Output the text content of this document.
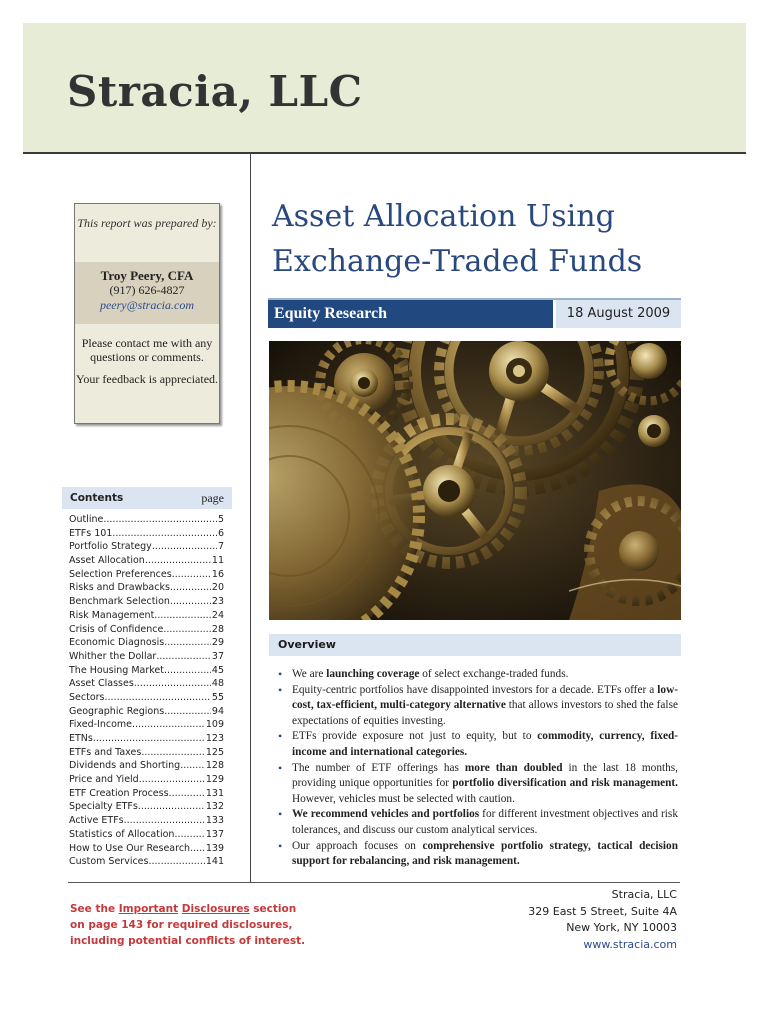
Stracia, LLC
This report was prepared by:
Troy Peery, CFA
(917) 626-4827
peery@stracia.com

Please contact me with any questions or comments.

Your feedback is appreciated.

Contents	page
Outline .....	5
ETFs 101 .....	6
Portfolio Strategy .....	7
Asset Allocation .....	11
Selection Preferences .....	16
Risks and Drawbacks .....	20
Benchmark Selection .....	23
Risk Management .....	24
Crisis of Confidence .....	28
Economic Diagnosis .....	29
Whither the Dollar .....	37
The Housing Market .....	45
Asset Classes .....	48
Sectors .....	55
Geographic Regions .....	94
Fixed-Income .....	109
ETNs .....	123
ETFs and Taxes .....	125
Dividends and Shorting .....	128
Price and Yield .....	129
ETF Creation Process .....	131
Specialty ETFs .....	132
Active ETFs .....	133
Statistics of Allocation .....	137
How to Use Our Research ..... 139
Custom Services .....	141
Asset Allocation Using
Exchange-Traded Funds
Equity Research	18 August 2009
Overview
• We are launching coverage of select exchange-traded funds.
• Equity-centric portfolios have disappointed investors for a decade. ETFs offer a low-cost, tax-efficient, multi-category alternative that allows investors to shed the false expectations of equities investing.
• ETFs provide exposure not just to equity, but to commodity, currency, fixed-income and international categories.
• The number of ETF offerings has more than doubled in the last 18 months, providing unique opportunities for portfolio diversification and risk management. However, vehicles must be selected with caution.
• We recommend vehicles and portfolios for different investment objectives and risk tolerances, and discuss our custom analytical services.
• Our approach focuses on comprehensive portfolio strategy, tactical decision support for rebalancing, and risk management.
See the Important Disclosures section on page 143 for required disclosures, including potential conflicts of interest.
Stracia, LLC
329 East 5 Street, Suite 4A
New York, NY 10003
www.stracia.com
